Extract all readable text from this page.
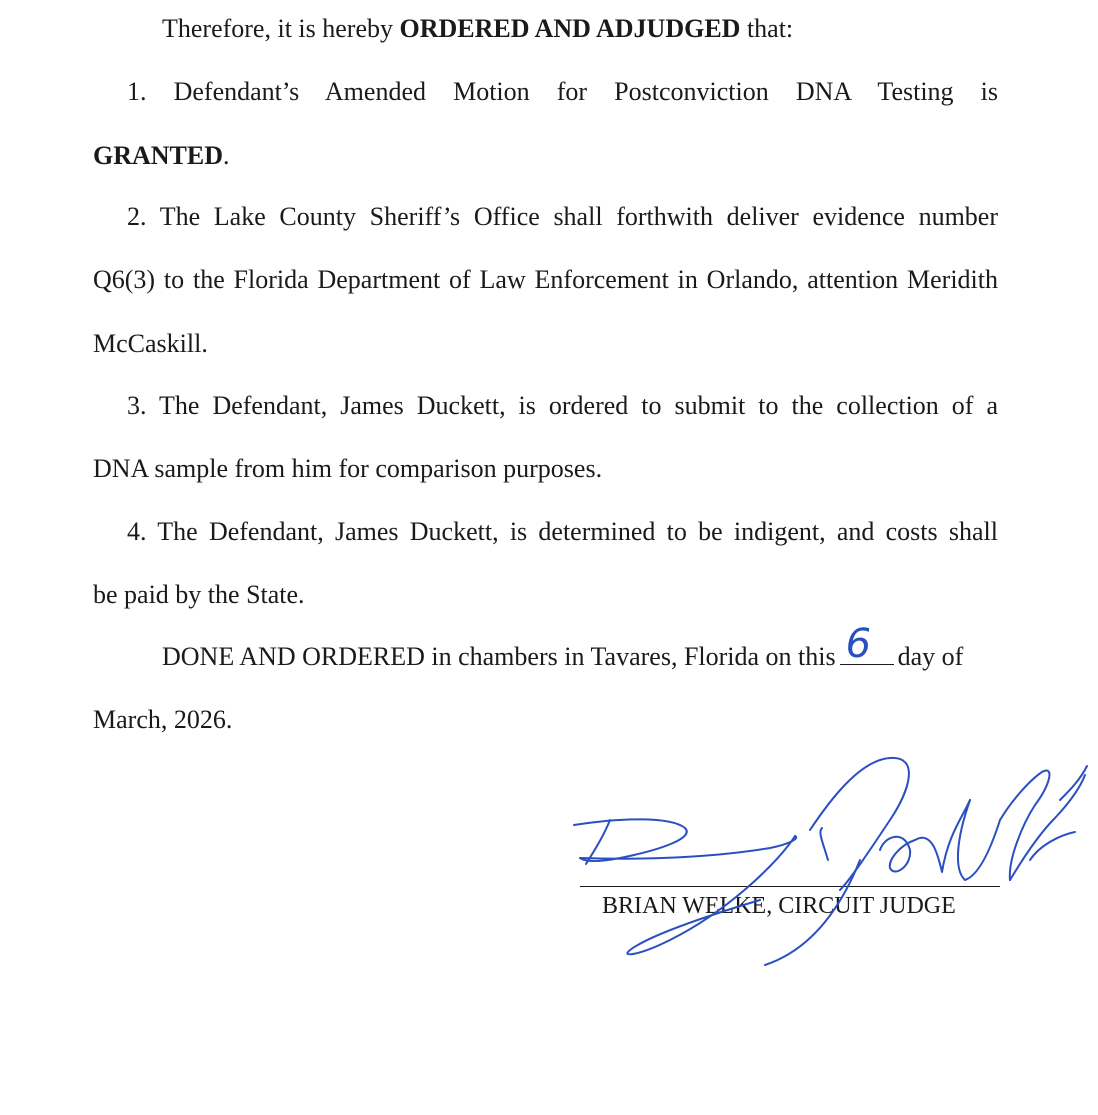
Therefore, it is hereby ORDERED AND ADJUDGED that:
1. Defendant’s Amended Motion for Postconviction DNA Testing is
GRANTED.
2. The Lake County Sheriff’s Office shall forthwith deliver evidence number
Q6(3) to the Florida Department of Law Enforcement in Orlando, attention Meridith
McCaskill.
3. The Defendant, James Duckett, is ordered to submit to the collection of a
DNA sample from him for comparison purposes.
4. The Defendant, James Duckett, is determined to be indigent, and costs shall
be paid by the State.
DONE AND ORDERED in chambers in Tavares, Florida on this 6 day of
March, 2026.
BRIAN WELKE, CIRCUIT JUDGE
